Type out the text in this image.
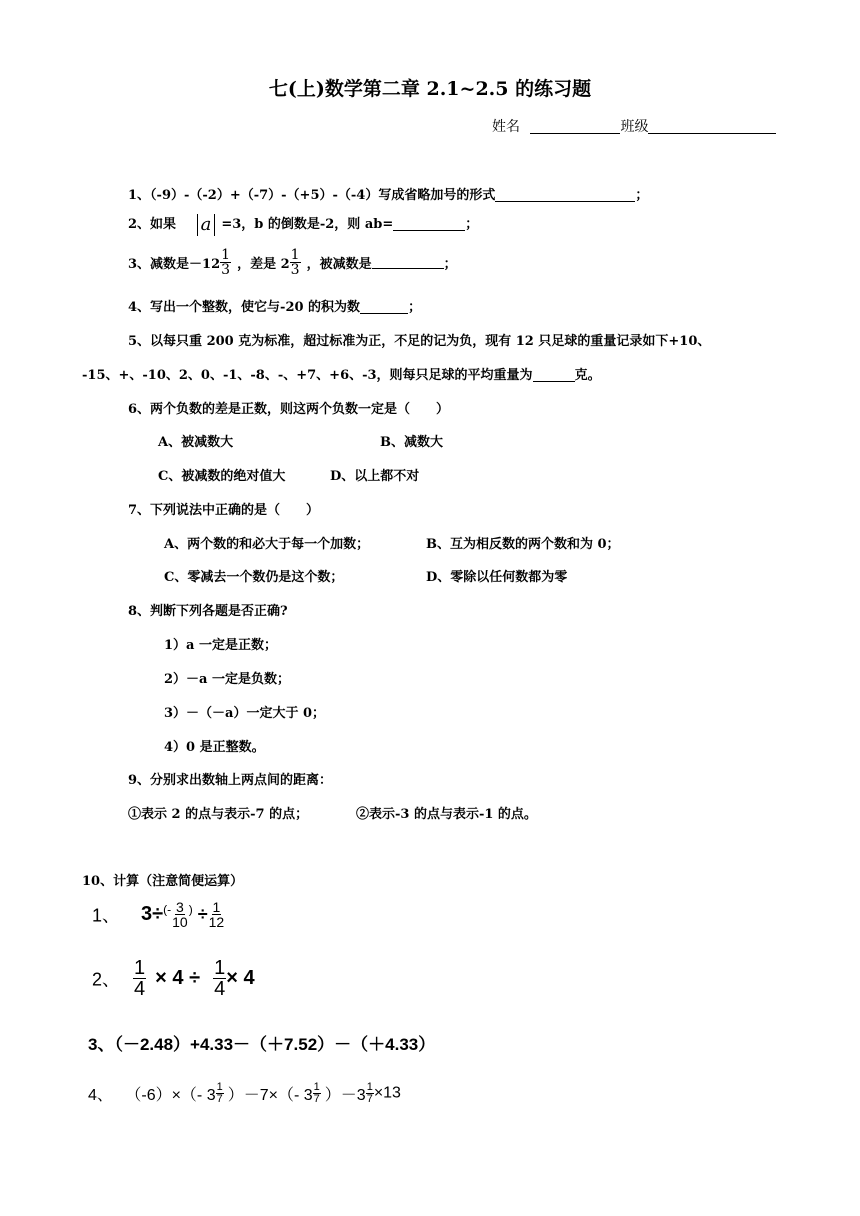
七(上)数学第二章 2.1~2.5 的练习题
姓名	班级
1、（-9）-（-2）+（-7）-（+5）-（-4）写成省略加号的形式	；
2、如果 a =3，b 的倒数是-2，则 ab=	；
3、减数是$-12 \frac{1}{3}$ ，差是 $2 \frac{1}{3}$ ，被减数是	；
4、写出一个整数，使它与-20 的积为数	；
5、以每只重 200 克为标准，超过标准为正，不足的记为负，现有 12 只足球的重量记录如下+10、
-15、+、-10、2、0、-1、-8、-、+7、+6、-3，则每只足球的平均重量为	克。
6、两个负数的差是正数，则这两个负数一定是（　　）
A、被减数大	B、减数大
C、被减数的绝对值大	D、以上都不对
7、下列说法中正确的是（　　）
A、两个数的和必大于每一个加数；	B、互为相反数的两个数和为 0；
C、零减去一个数仍是这个数；	D、零除以任何数都为零
8、判断下列各题是否正确?
1）a 一定是正数；
2）－a 一定是负数；
3）－（－a）一定大于 0；
4）0 是正整数。
9、分别求出数轴上两点间的距离：
①表示 2 的点与表示-7 的点；	②表示-3 的点与表示-1 的点。
10、计算（注意简便运算）
1、 $3\div^{(-} \frac{3}{10} ^) \div \frac{1}{12}$
2、 $\frac{1}{4} \times 4 \div \frac{1}{4} \times 4$
3、（－2.48）+4.33－（＋7.52）－（＋4.33）
4、 （-6）×（- $3 \frac{1}{7} )-7\times(-$ $3 \frac{1}{7} )-3 \frac{1}{7} \times 13$
